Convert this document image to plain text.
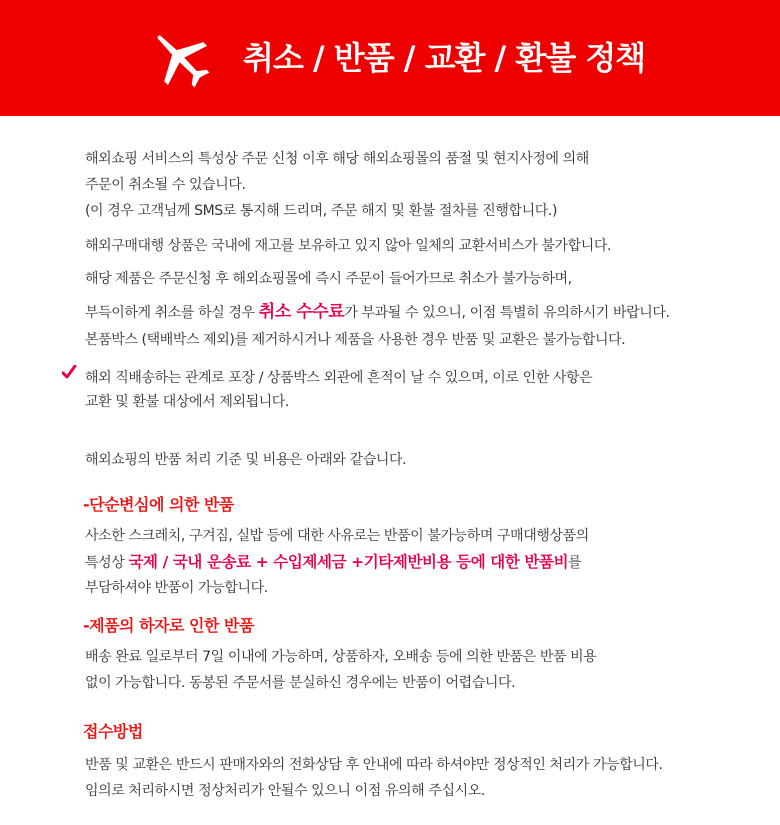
취소 / 반품 / 교환 / 환불 정책
해외쇼핑 서비스의 특성상 주문 신청 이후 해당 해외쇼핑몰의 품절 및 현지사정에 의해
주문이 취소될 수 있습니다.
(이 경우 고객님께 SMS로 통지해 드리며, 주문 해지 및 환불 절차를 진행합니다.)
해외구매대행 상품은 국내에 재고를 보유하고 있지 않아 일체의 교환서비스가 불가합니다.
해당 제품은 주문신청 후 해외쇼핑몰에 즉시 주문이 들어가므로 취소가 불가능하며,
부득이하게 취소를 하실 경우 취소 수수료가 부과될 수 있으니, 이점 특별히 유의하시기 바랍니다.
본품박스 (택배박스 제외)를 제거하시거나 제품을 사용한 경우 반품 및 교환은 불가능합니다.
해외 직배송하는 관계로 포장 / 상품박스 외관에 흔적이 날 수 있으며, 이로 인한 사항은
교환 및 환불 대상에서 제외됩니다.
해외쇼핑의 반품 처리 기준 및 비용은 아래와 같습니다.
-단순변심에 의한 반품
사소한 스크레치, 구겨짐, 실밥 등에 대한 사유로는 반품이 불가능하며 구매대행상품의
특성상 국제 / 국내 운송료 + 수입제세금 +기타제반비용 등에 대한 반품비를
부담하셔야 반품이 가능합니다.
-제품의 하자로 인한 반품
배송 완료 일로부터 7일 이내에 가능하며, 상품하자, 오배송 등에 의한 반품은 반품 비용
없이 가능합니다. 동봉된 주문서를 분실하신 경우에는 반품이 어렵습니다.
접수방법
반품 및 교환은 반드시 판매자와의 전화상담 후 안내에 따라 하셔야만 정상적인 처리가 가능합니다.
임의로 처리하시면 정상처리가 안될수 있으니 이점 유의해 주십시오.
